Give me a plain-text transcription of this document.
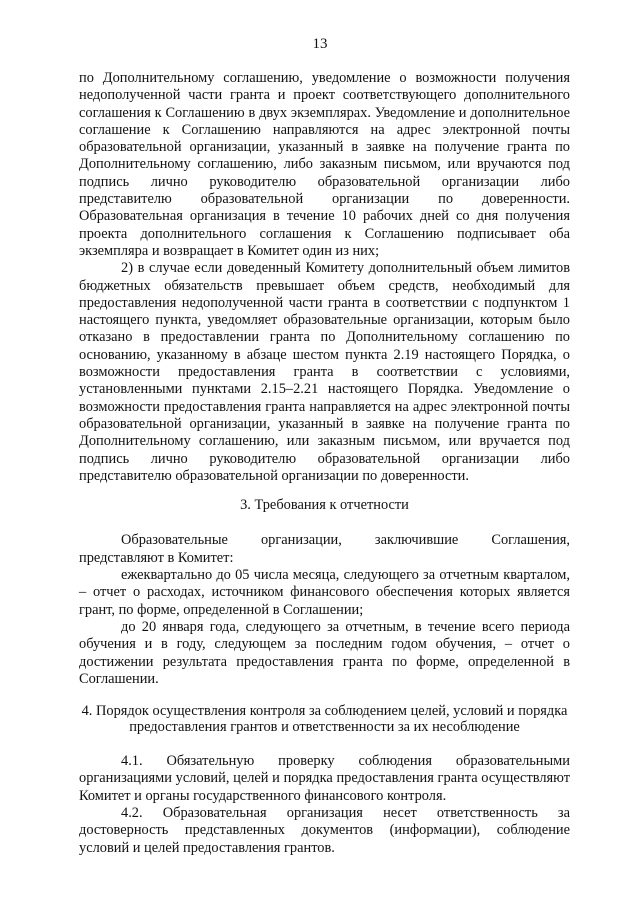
13

по Дополнительному соглашению, уведомление о возможности получения недополученной части гранта и проект соответствующего дополнительного соглашения к Соглашению в двух экземплярах. Уведомление и дополнительное соглашение к Соглашению направляются на адрес электронной почты образовательной организации, указанный в заявке на получение гранта по Дополнительному соглашению, либо заказным письмом, или вручаются под подпись лично руководителю образовательной организации либо представителю образовательной организации по доверенности. Образовательная организация в течение 10 рабочих дней со дня получения проекта дополнительного соглашения к Соглашению подписывает оба экземпляра и возвращает в Комитет один из них;

2) в случае если доведенный Комитету дополнительный объем лимитов бюджетных обязательств превышает объем средств, необходимый для предоставления недополученной части гранта в соответствии с подпунктом 1 настоящего пункта, уведомляет образовательные организации, которым было отказано в предоставлении гранта по Дополнительному соглашению по основанию, указанному в абзаце шестом пункта 2.19 настоящего Порядка, о возможности предоставления гранта в соответствии с условиями, установленными пунктами 2.15–2.21 настоящего Порядка. Уведомление о возможности предоставления гранта направляется на адрес электронной почты образовательной организации, указанный в заявке на получение гранта по Дополнительному соглашению, или заказным письмом, или вручается под подпись лично руководителю образовательной организации либо представителю образовательной организации по доверенности.

3. Требования к отчетности

Образовательные организации, заключившие Соглашения, представляют в Комитет:

ежеквартально до 05 числа месяца, следующего за отчетным кварталом, – отчет о расходах, источником финансового обеспечения которых является грант, по форме, определенной в Соглашении;

до 20 января года, следующего за отчетным, в течение всего периода обучения и в году, следующем за последним годом обучения, – отчет о достижении результата предоставления гранта по форме, определенной в Соглашении.

4. Порядок осуществления контроля за соблюдением целей, условий и порядка предоставления грантов и ответственности за их несоблюдение

4.1. Обязательную проверку соблюдения образовательными организациями условий, целей и порядка предоставления гранта осуществляют Комитет и органы государственного финансового контроля.

4.2. Образовательная организация несет ответственность за достоверность представленных документов (информации), соблюдение условий и целей предоставления грантов.
